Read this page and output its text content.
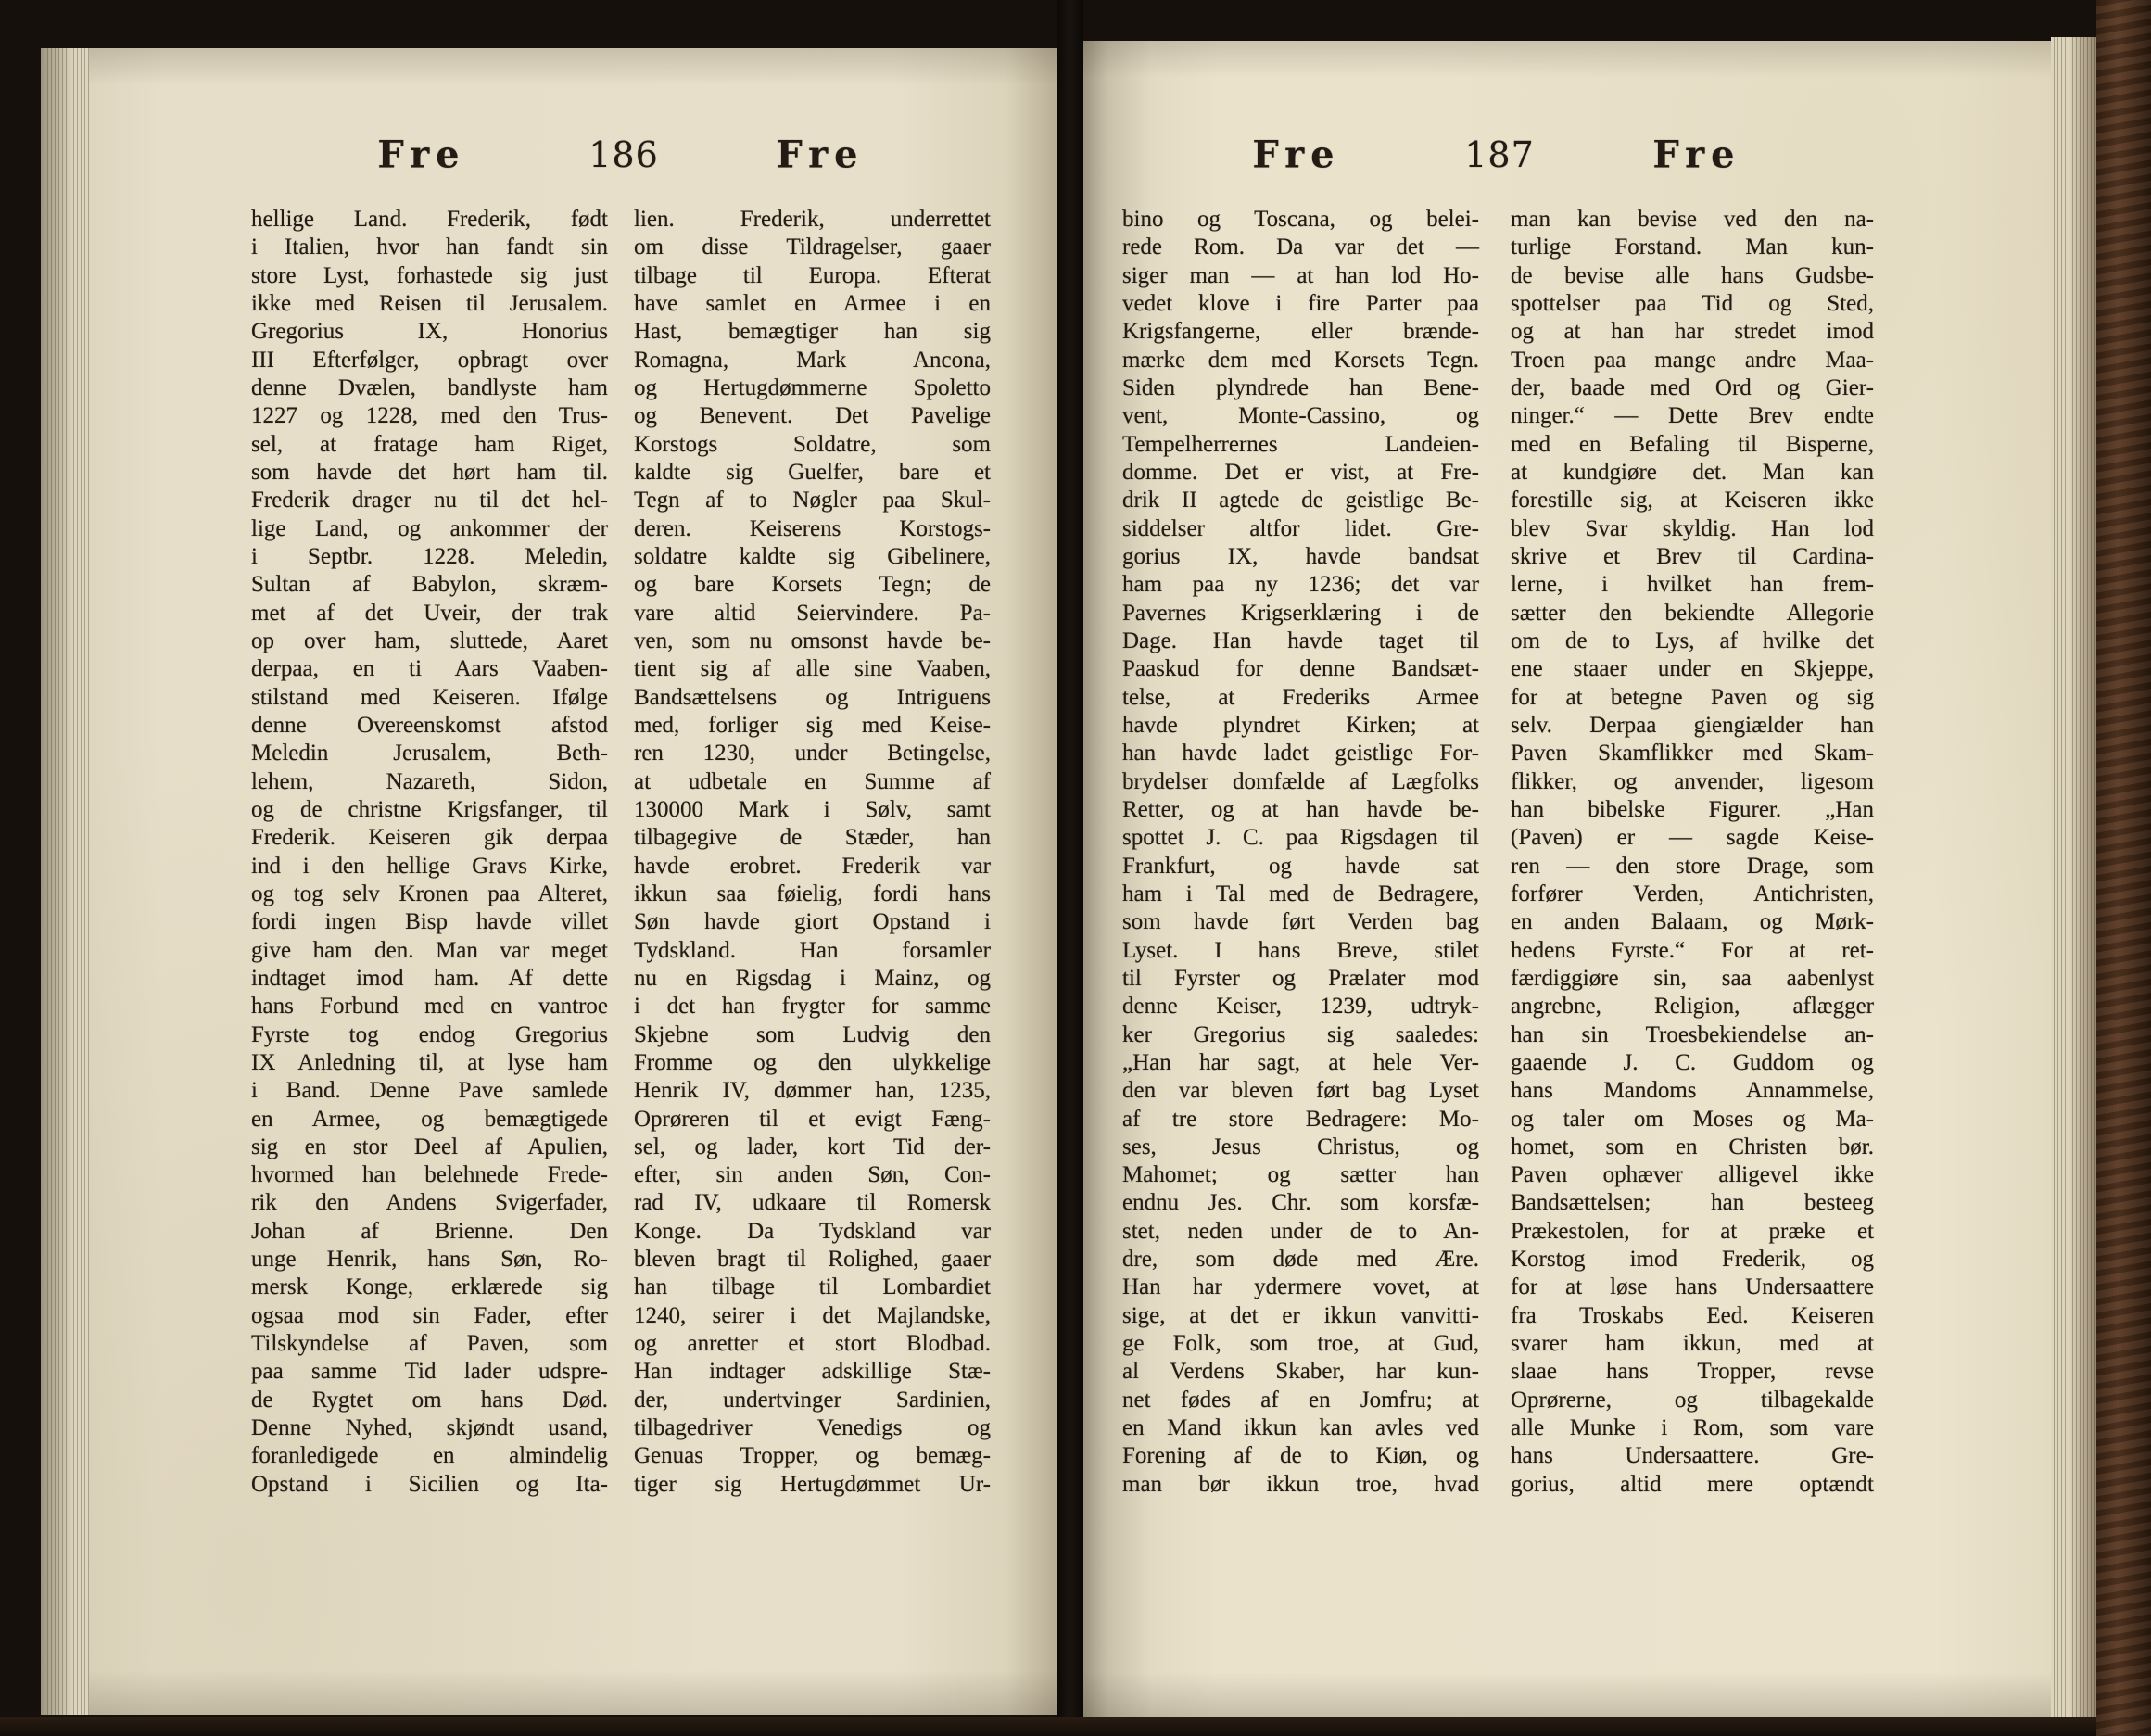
Fre	186	Fre
hellige Land. Frederik, født
i Italien, hvor han fandt sin
store Lyst, forhastede sig just
ikke med Reisen til Jerusalem.
Gregorius IX, Honorius
III Efterfølger, opbragt over
denne Dvælen, bandlyste ham
1227 og 1228, med den Trus-
sel, at fratage ham Riget,
som havde det hørt ham til.
Frederik drager nu til det hel-
lige Land, og ankommer der
i Septbr. 1228. Meledin,
Sultan af Babylon, skræm-
met af det Uveir, der trak
op over ham, sluttede, Aaret
derpaa, en ti Aars Vaaben-
stilstand med Keiseren. Ifølge
denne Overeenskomst afstod
Meledin Jerusalem, Beth-
lehem, Nazareth, Sidon,
og de christne Krigsfanger, til
Frederik. Keiseren gik derpaa
ind i den hellige Gravs Kirke,
og tog selv Kronen paa Alteret,
fordi ingen Bisp havde villet
give ham den. Man var meget
indtaget imod ham. Af dette
hans Forbund med en vantroe
Fyrste tog endog Gregorius
IX Anledning til, at lyse ham
i Band. Denne Pave samlede
en Armee, og bemægtigede
sig en stor Deel af Apulien,
hvormed han belehnede Frede-
rik den Andens Svigerfader,
Johan af Brienne. Den
unge Henrik, hans Søn, Ro-
mersk Konge, erklærede sig
ogsaa mod sin Fader, efter
Tilskyndelse af Paven, som
paa samme Tid lader udspre-
de Rygtet om hans Død.
Denne Nyhed, skjøndt usand,
foranledigede en almindelig
Opstand i Sicilien og Ita-
lien. Frederik, underrettet
om disse Tildragelser, gaaer
tilbage til Europa. Efterat
have samlet en Armee i en
Hast, bemægtiger han sig
Romagna, Mark Ancona,
og Hertugdømmerne Spoletto
og Benevent. Det Pavelige
Korstogs Soldatre, som
kaldte sig Guelfer, bare et
Tegn af to Nøgler paa Skul-
deren. Keiserens Korstogs-
soldatre kaldte sig Gibelinere,
og bare Korsets Tegn; de
vare altid Seiervindere. Pa-
ven, som nu omsonst havde be-
tient sig af alle sine Vaaben,
Bandsættelsens og Intriguens
med, forliger sig med Keise-
ren 1230, under Betingelse,
at udbetale en Summe af
130000 Mark i Sølv, samt
tilbagegive de Stæder, han
havde erobret. Frederik var
ikkun saa føielig, fordi hans
Søn havde giort Opstand i
Tydskland. Han forsamler
nu en Rigsdag i Mainz, og
i det han frygter for samme
Skjebne som Ludvig den
Fromme og den ulykkelige
Henrik IV, dømmer han, 1235,
Oprøreren til et evigt Fæng-
sel, og lader, kort Tid der-
efter, sin anden Søn, Con-
rad IV, udkaare til Romersk
Konge. Da Tydskland var
bleven bragt til Rolighed, gaaer
han tilbage til Lombardiet
1240, seirer i det Majlandske,
og anretter et stort Blodbad.
Han indtager adskillige Stæ-
der, undertvinger Sardinien,
tilbagedriver Venedigs og
Genuas Tropper, og bemæg-
tiger sig Hertugdømmet Ur-
Fre	187	Fre
bino og Toscana, og belei-
rede Rom. Da var det —
siger man — at han lod Ho-
vedet klove i fire Parter paa
Krigsfangerne, eller brænde-
mærke dem med Korsets Tegn.
Siden plyndrede han Bene-
vent, Monte-Cassino, og
Tempelherrernes Landeien-
domme. Det er vist, at Fre-
drik II agtede de geistlige Be-
siddelser altfor lidet. Gre-
gorius IX, havde bandsat
ham paa ny 1236; det var
Pavernes Krigserklæring i de
Dage. Han havde taget til
Paaskud for denne Bandsæt-
telse, at Frederiks Armee
havde plyndret Kirken; at
han havde ladet geistlige For-
brydelser domfælde af Lægfolks
Retter, og at han havde be-
spottet J. C. paa Rigsdagen til
Frankfurt, og havde sat
ham i Tal med de Bedragere,
som havde ført Verden bag
Lyset. I hans Breve, stilet
til Fyrster og Prælater mod
denne Keiser, 1239, udtryk-
ker Gregorius sig saaledes:
„Han har sagt, at hele Ver-
den var bleven ført bag Lyset
af tre store Bedragere: Mo-
ses, Jesus Christus, og
Mahomet; og sætter han
endnu Jes. Chr. som korsfæ-
stet, neden under de to An-
dre, som døde med Ære.
Han har ydermere vovet, at
sige, at det er ikkun vanvitti-
ge Folk, som troe, at Gud,
al Verdens Skaber, har kun-
net fødes af en Jomfru; at
en Mand ikkun kan avles ved
Forening af de to Kiøn, og
man bør ikkun troe, hvad
man kan bevise ved den na-
turlige Forstand. Man kun-
de bevise alle hans Gudsbe-
spottelser paa Tid og Sted,
og at han har stredet imod
Troen paa mange andre Maa-
der, baade med Ord og Gier-
ninger.“ — Dette Brev endte
med en Befaling til Bisperne,
at kundgiøre det. Man kan
forestille sig, at Keiseren ikke
blev Svar skyldig. Han lod
skrive et Brev til Cardina-
lerne, i hvilket han frem-
sætter den bekiendte Allegorie
om de to Lys, af hvilke det
ene staaer under en Skjeppe,
for at betegne Paven og sig
selv. Derpaa giengiælder han
Paven Skamflikker med Skam-
flikker, og anvender, ligesom
han bibelske Figurer. „Han
(Paven) er — sagde Keise-
ren — den store Drage, som
forfører Verden, Antichristen,
en anden Balaam, og Mørk-
hedens Fyrste.“ For at ret-
færdiggiøre sin, saa aabenlyst
angrebne, Religion, aflægger
han sin Troesbekiendelse an-
gaaende J. C. Guddom og
hans Mandoms Annammelse,
og taler om Moses og Ma-
homet, som en Christen bør.
Paven ophæver alligevel ikke
Bandsættelsen; han besteeg
Prækestolen, for at præke et
Korstog imod Frederik, og
for at løse hans Undersaattere
fra Troskabs Eed. Keiseren
svarer ham ikkun, med at
slaae hans Tropper, revse
Oprørerne, og tilbagekalde
alle Munke i Rom, som vare
hans Undersaattere. Gre-
gorius, altid mere optændt
